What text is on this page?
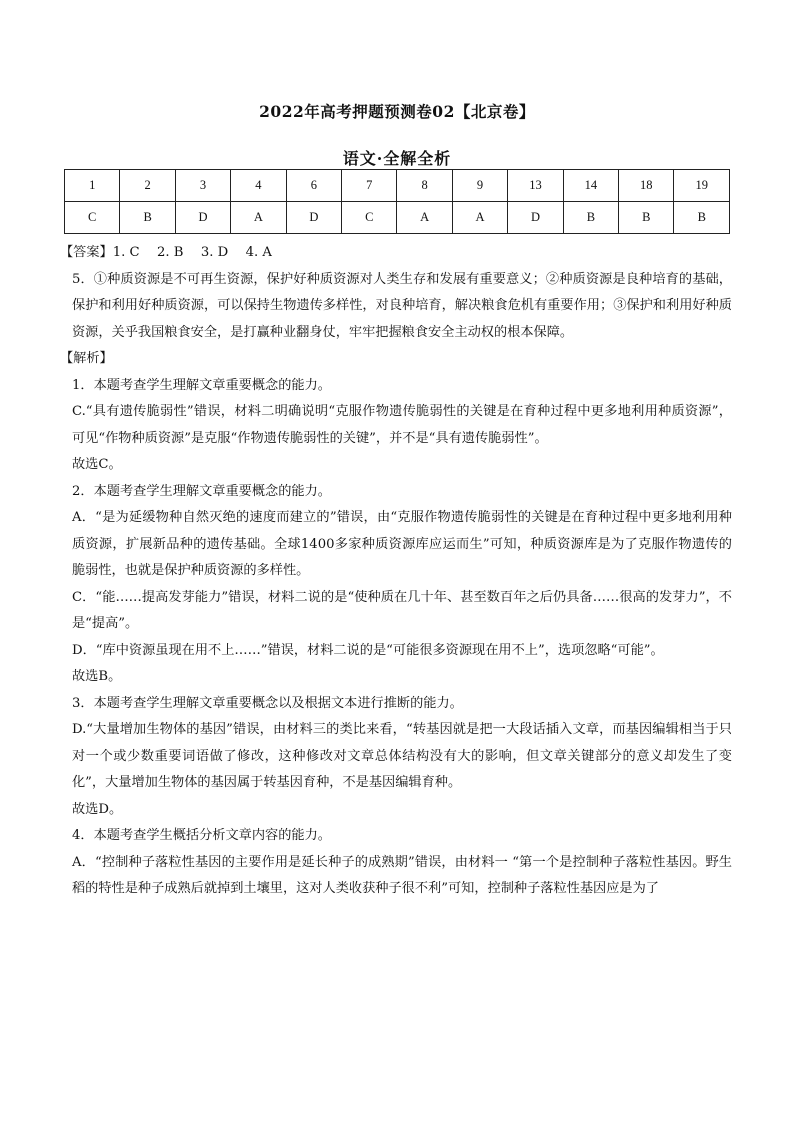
2022年高考押题预测卷02【北京卷】
语文·全解全析
1	2	3	4	6	7	8	9	13	14	18	19
C	B	D	A	D	C	A	A	D	B	B	B

【答案】1. C　 2. B　 3. D　 4. A

5．①种质资源是不可再生资源，保护好种质资源对人类生存和发展有重要意义；②种质资源是良种培育的基础，保护和利用好种质资源，可以保持生物遗传多样性，对良种培育，解决粮食危机有重要作用；③保护和利用好种质资源，关乎我国粮食安全，是打赢种业翻身仗，牢牢把握粮食安全主动权的根本保障。

【解析】

1．本题考查学生理解文章重要概念的能力。

C.“具有遗传脆弱性”错误，材料二明确说明“克服作物遗传脆弱性的关键是在育种过程中更多地利用种质资源”，可见“作物种质资源”是克服“作物遗传脆弱性的关键”，并不是“具有遗传脆弱性”。

故选C。

2．本题考查学生理解文章重要概念的能力。

A．“是为延缓物种自然灭绝的速度而建立的”错误，由“克服作物遗传脆弱性的关键是在育种过程中更多地利用种质资源，扩展新品种的遗传基础。全球1400多家种质资源库应运而生”可知，种质资源库是为了克服作物遗传的脆弱性，也就是保护种质资源的多样性。

C．“能……提高发芽能力”错误，材料二说的是“使种质在几十年、甚至数百年之后仍具备……很高的发芽力”，不是“提高”。

D．“库中资源虽现在用不上……”错误，材料二说的是“可能很多资源现在用不上”，选项忽略“可能”。

故选B。

3．本题考查学生理解文章重要概念以及根据文本进行推断的能力。

D.“大量增加生物体的基因”错误，由材料三的类比来看，“转基因就是把一大段话插入文章，而基因编辑相当于只对一个或少数重要词语做了修改，这种修改对文章总体结构没有大的影响，但文章关键部分的意义却发生了变化”，大量增加生物体的基因属于转基因育种，不是基因编辑育种。

故选D。

4．本题考查学生概括分析文章内容的能力。

A．“控制种子落粒性基因的主要作用是延长种子的成熟期”错误，由材料一 “第一个是控制种子落粒性基因。野生稻的特性是种子成熟后就掉到土壤里，这对人类收获种子很不利”可知，控制种子落粒性基因应是为了
